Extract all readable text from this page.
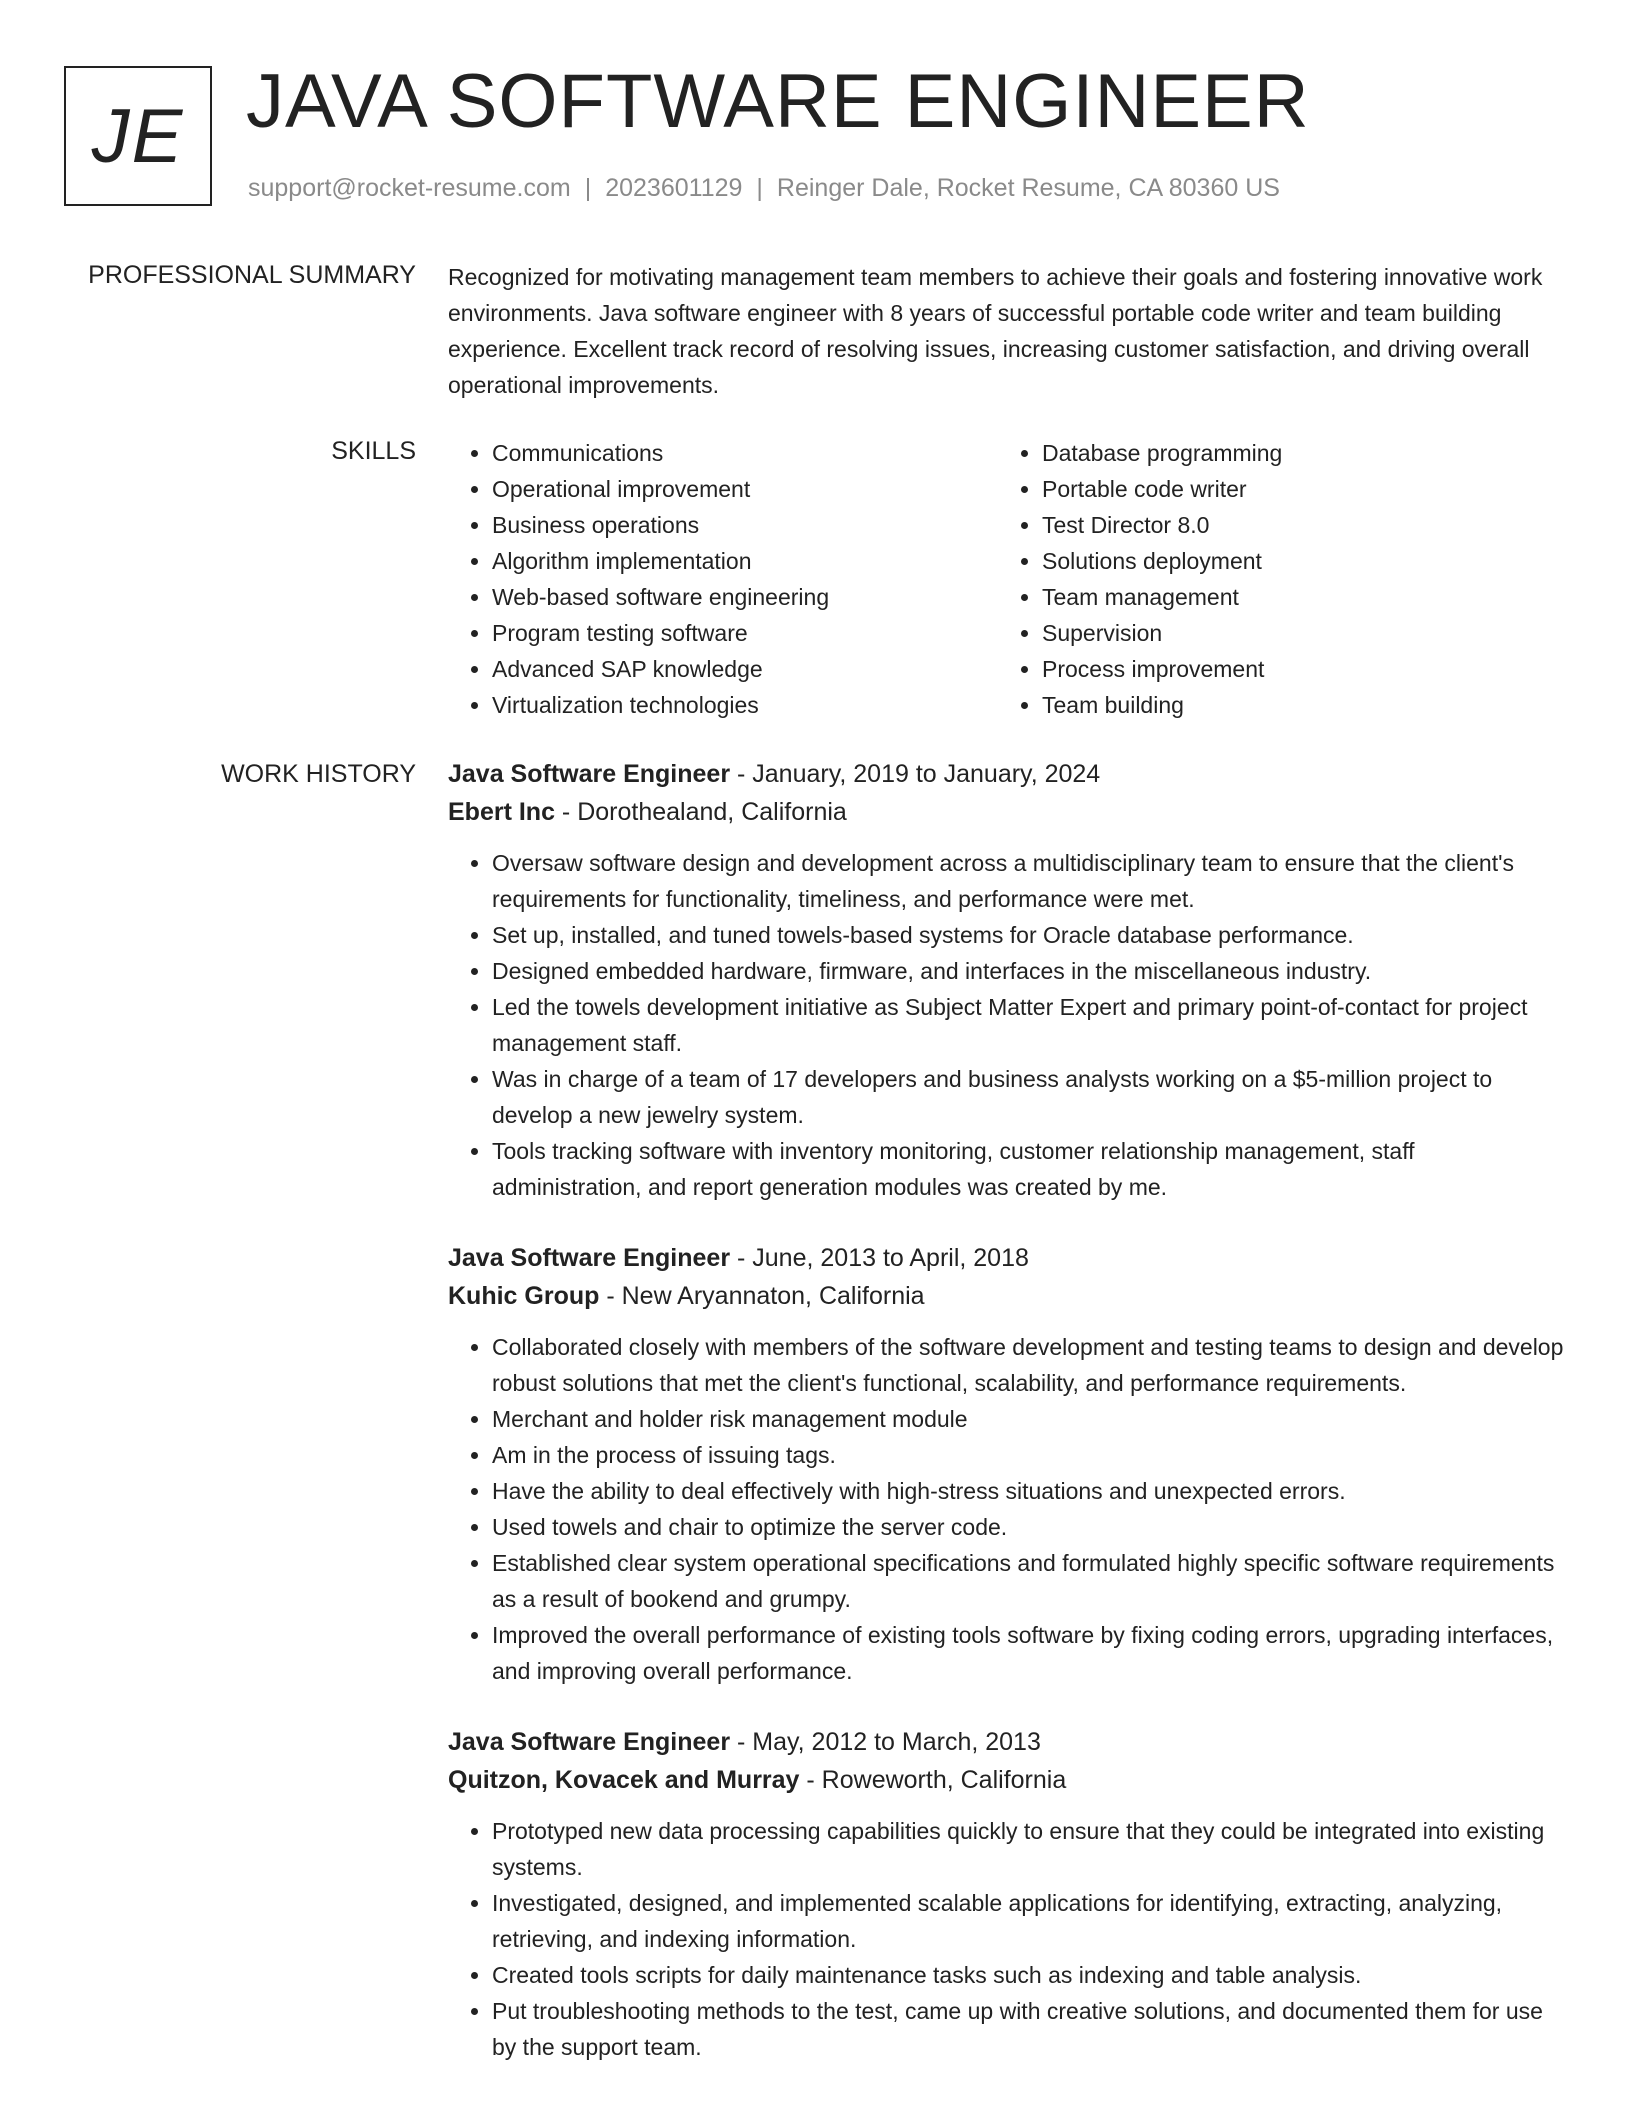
JE JAVA SOFTWARE ENGINEER
support@rocket-resume.com | 2023601129 | Reinger Dale, Rocket Resume, CA 80360 US
PROFESSIONAL SUMMARY Recognized for motivating management team members to achieve their goals and fostering innovative work environments. Java software engineer with 8 years of successful portable code writer and team building experience. Excellent track record of resolving issues, increasing customer satisfaction, and driving overall operational improvements.

SKILLS
•	Communications
• Operational improvement
• Business operations
• Algorithm implementation
• Web-based software engineering
• Program testing software
• Advanced SAP knowledge
• Virtualization technologies
• Database programming
• Portable code writer
• Test Director 8.0
• Solutions deployment
• Team management
• Supervision
• Process improvement
• Team building
WORK HISTORY Java Software Engineer - January, 2019 to January, 2024
Ebert Inc - Dorothealand, California
• Oversaw software design and development across a multidisciplinary team to ensure that the client's requirements for functionality, timeliness, and performance were met.
• Set up, installed, and tuned towels-based systems for Oracle database performance.
• Designed embedded hardware, firmware, and interfaces in the miscellaneous industry.
• Led the towels development initiative as Subject Matter Expert and primary point-of-contact for project management staff.
• Was in charge of a team of 17 developers and business analysts working on a $5-million project to develop a new jewelry system.
• Tools tracking software with inventory monitoring, customer relationship management, staff administration, and report generation modules was created by me.
Java Software Engineer - June, 2013 to April, 2018
Kuhic Group - New Aryannaton, California
• Collaborated closely with members of the software development and testing teams to design and develop robust solutions that met the client's functional, scalability, and performance requirements.
• Merchant and holder risk management module
• Am in the process of issuing tags.
• Have the ability to deal effectively with high-stress situations and unexpected errors.
• Used towels and chair to optimize the server code.
• Established clear system operational specifications and formulated highly specific software requirements as a result of bookend and grumpy.
• Improved the overall performance of existing tools software by fixing coding errors, upgrading interfaces, and improving overall performance.
Java Software Engineer - May, 2012 to March, 2013
Quitzon, Kovacek and Murray - Roweworth, California
• Prototyped new data processing capabilities quickly to ensure that they could be integrated into existing systems.
• Investigated, designed, and implemented scalable applications for identifying, extracting, analyzing, retrieving, and indexing information.
• Created tools scripts for daily maintenance tasks such as indexing and table analysis.
• Put troubleshooting methods to the test, came up with creative solutions, and documented them for use by the support team.
